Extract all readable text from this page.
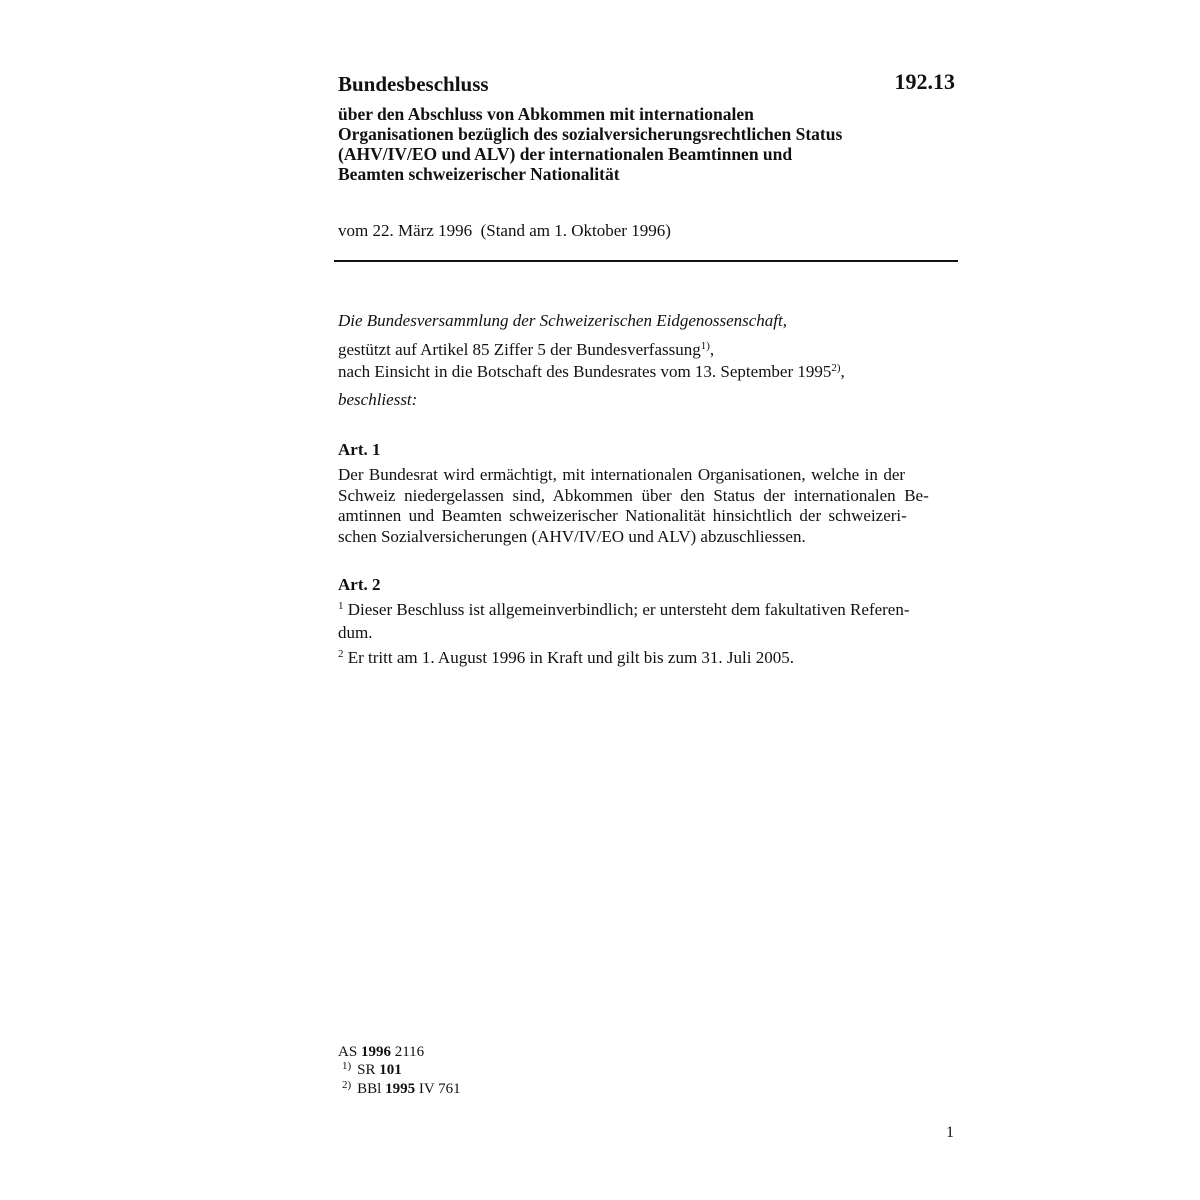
Bundesbeschluss	192.13
über den Abschluss von Abkommen mit internationalen
Organisationen bezüglich des sozialversicherungsrechtlichen Status
(AHV/IV/EO und ALV) der internationalen Beamtinnen und
Beamten schweizerischer Nationalität
vom 22. März 1996  (Stand am 1. Oktober 1996)
Die Bundesversammlung der Schweizerischen Eidgenossenschaft,
gestützt auf Artikel 85 Ziffer 5 der Bundesverfassung$^{1)}$,
nach Einsicht in die Botschaft des Bundesrates vom 13. September 1995$^{2)}$,
beschliesst:
Art. 1
Der Bundesrat wird ermächtigt, mit internationalen Organisationen, welche in der
Schweiz niedergelassen sind, Abkommen über den Status der internationalen Be-
amtinnen und Beamten schweizerischer Nationalität hinsichtlich der schweizeri-
schen Sozialversicherungen (AHV/IV/EO und ALV) abzuschliessen.
Art. 2
$^1$ Dieser Beschluss ist allgemeinverbindlich; er untersteht dem fakultativen Referen-
dum.
$^2$ Er tritt am 1. August 1996 in Kraft und gilt bis zum 31. Juli 2005.
AS 1996 2116
$^{1)}$ SR 101
$^{2)}$ BBl 1995 IV 761
1
